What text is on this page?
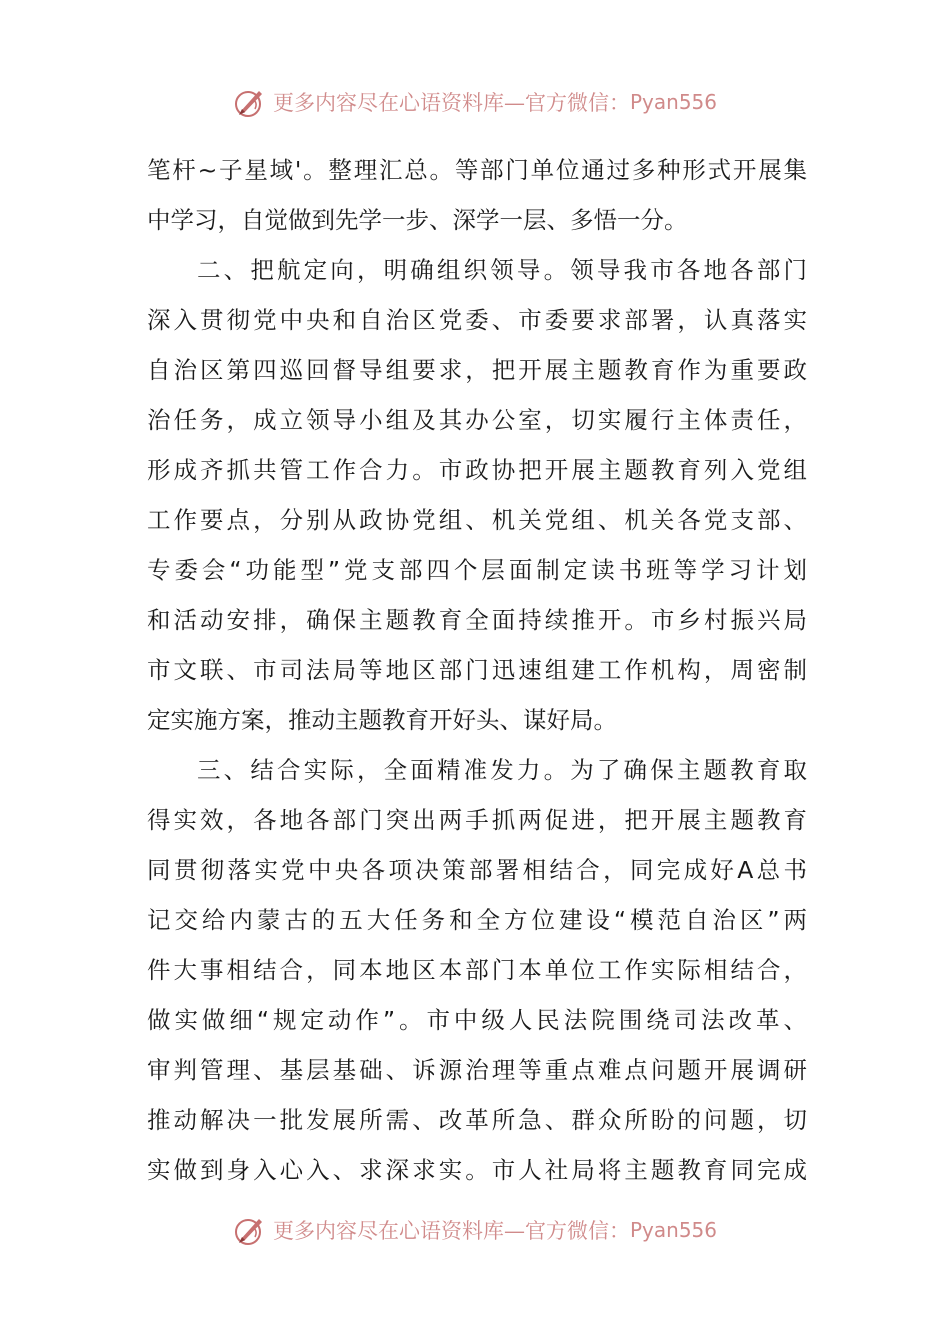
更多内容尽在心语资料库—官方微信： Pyan556
笔杆~子星域'。整理汇总。等部门单位通过多种形式开展集
中学习，自觉做到先学一步、深学一层、多悟一分。
二、把航定向，明确组织领导。领导我市各地各部门
深入贯彻党中央和自治区党委、市委要求部署，认真落实
自治区第四巡回督导组要求，把开展主题教育作为重要政
治任务，成立领导小组及其办公室，切实履行主体责任，
形成齐抓共管工作合力。市政协把开展主题教育列入党组
工作要点，分别从政协党组、机关党组、机关各党支部、
专委会“功能型”党支部四个层面制定读书班等学习计划
和活动安排，确保主题教育全面持续推开。市乡村振兴局
市文联、市司法局等地区部门迅速组建工作机构，周密制
定实施方案，推动主题教育开好头、谋好局。
三、结合实际，全面精准发力。为了确保主题教育取
得实效，各地各部门突出两手抓两促进，把开展主题教育
同贯彻落实党中央各项决策部署相结合，同完成好A总书
记交给内蒙古的五大任务和全方位建设“模范自治区”两
件大事相结合，同本地区本部门本单位工作实际相结合，
做实做细“规定动作”。市中级人民法院围绕司法改革、
审判管理、基层基础、诉源治理等重点难点问题开展调研
推动解决一批发展所需、改革所急、群众所盼的问题，切
实做到身入心入、求深求实。市人社局将主题教育同完成
更多内容尽在心语资料库—官方微信： Pyan556
